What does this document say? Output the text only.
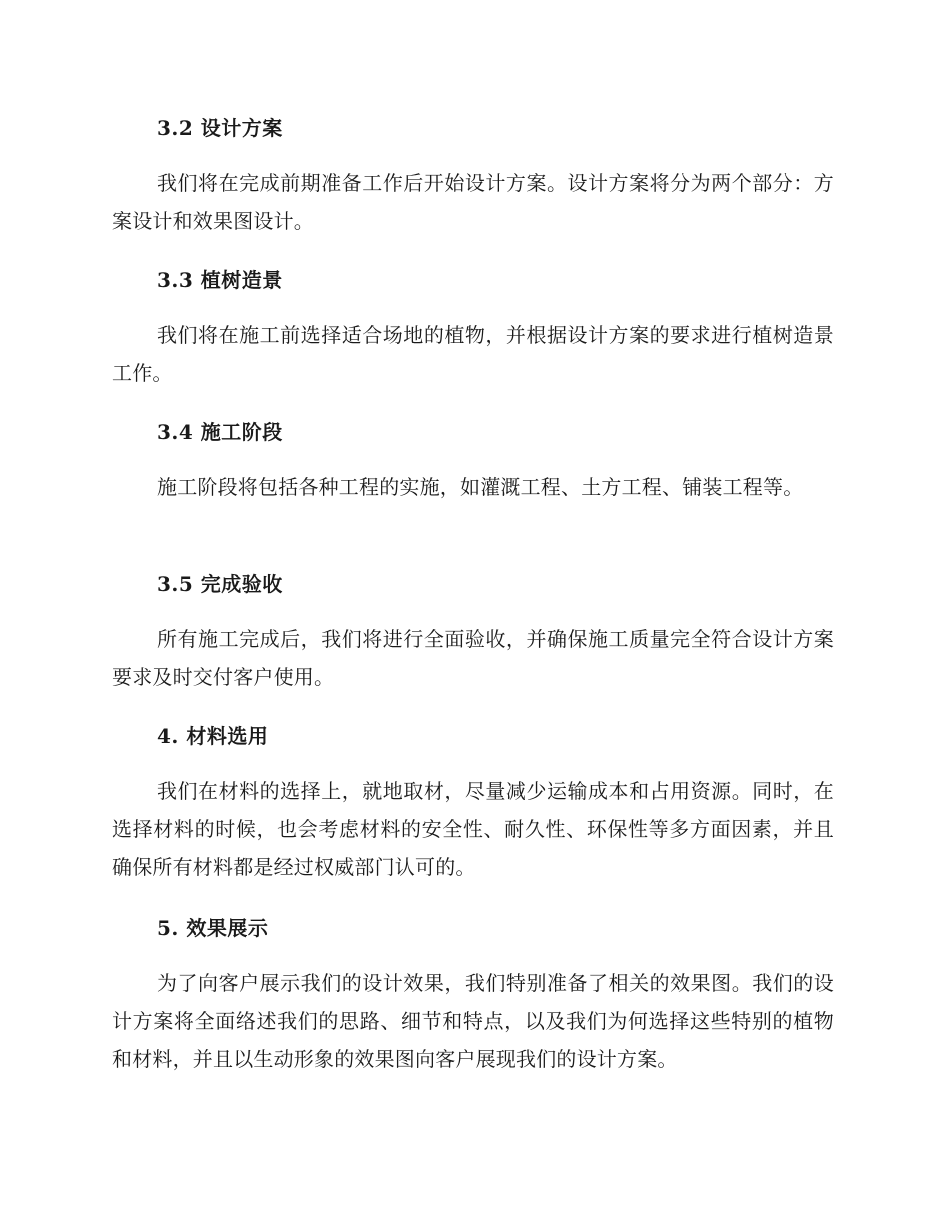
3.2 设计方案
我们将在完成前期准备工作后开始设计方案。设计方案将分为两个部分：方案设计和效果图设计。
3.3 植树造景
我们将在施工前选择适合场地的植物，并根据设计方案的要求进行植树造景工作。
3.4 施工阶段
施工阶段将包括各种工程的实施，如灌溉工程、土方工程、铺装工程等。
3.5 完成验收
所有施工完成后，我们将进行全面验收，并确保施工质量完全符合设计方案要求及时交付客户使用。
4. 材料选用
我们在材料的选择上，就地取材，尽量减少运输成本和占用资源。同时，在选择材料的时候，也会考虑材料的安全性、耐久性、环保性等多方面因素，并且确保所有材料都是经过权威部门认可的。
5. 效果展示
为了向客户展示我们的设计效果，我们特别准备了相关的效果图。我们的设计方案将全面络述我们的思路、细节和特点，以及我们为何选择这些特别的植物和材料，并且以生动形象的效果图向客户展现我们的设计方案。
